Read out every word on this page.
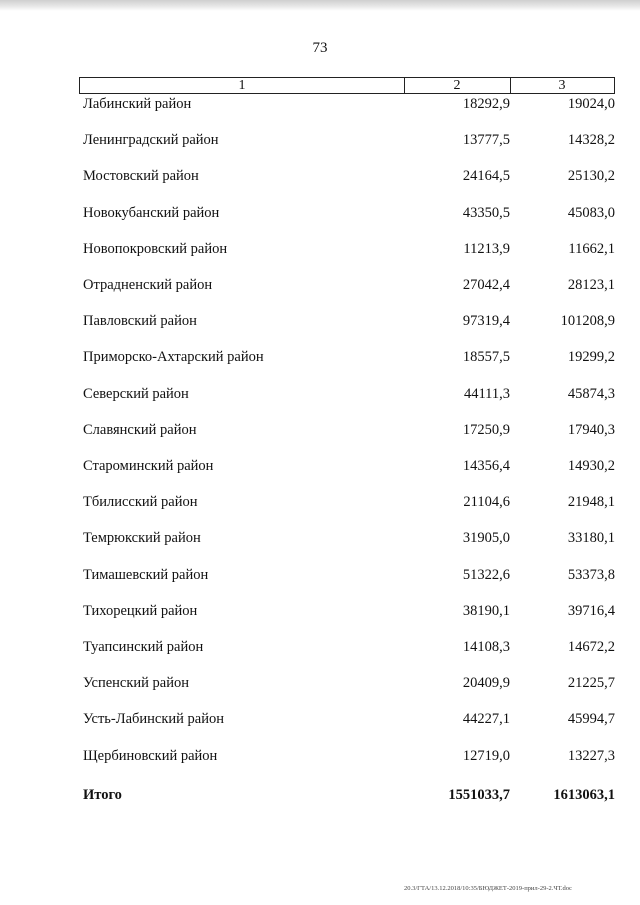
73
1	2	3
Лабинский район	18292,9	19024,0
Ленинградский район	13777,5	14328,2
Мостовский район	24164,5	25130,2
Новокубанский район	43350,5	45083,0
Новопокровский район	11213,9	11662,1
Отрадненский район	27042,4	28123,1
Павловский район	97319,4	101208,9
Приморско-Ахтарский район	18557,5	19299,2
Северский район	44111,3	45874,3
Славянский район	17250,9	17940,3
Староминский район	14356,4	14930,2
Тбилисский район	21104,6	21948,1
Темрюкский район	31905,0	33180,1
Тимашевский район	51322,6	53373,8
Тихорецкий район	38190,1	39716,4
Туапсинский район	14108,3	14672,2
Успенский район	20409,9	21225,7
Усть-Лабинский район	44227,1	45994,7
Щербиновский район	12719,0	13227,3
Итого	1551033,7	1613063,1
20.3/ГТА/13.12.2018/10:35/БЮДЖЕТ-2019-прил-29-2.ЧТ.doc
